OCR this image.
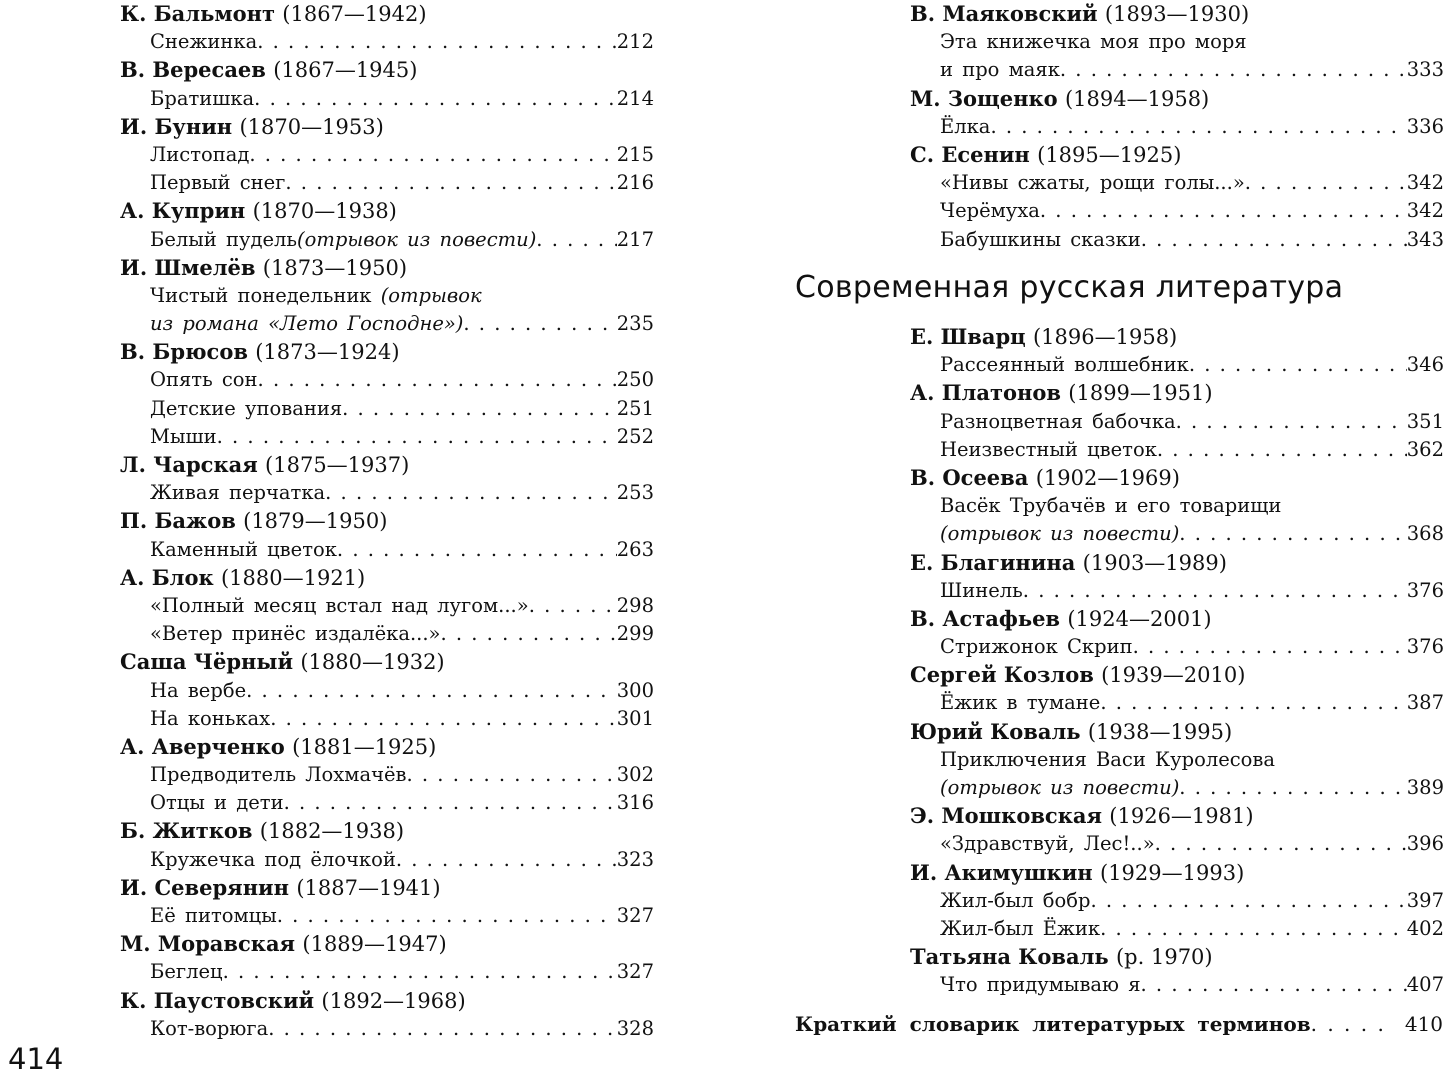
К. Бальмонт (1867—1942)
Снежинка . . .	212
В. Вересаев (1867—1945)
Братишка . . .	214
И. Бунин (1870—1953)
Листопад . . .	215
Первый снег . . .	216
А. Куприн (1870—1938)
Белый пудель (отрывок из повести) . . .	217
И. Шмелёв (1873—1950)
Чистый понедельник (отрывок
из романа «Лето Господне») . . .	235
В. Брюсов (1873—1924)
Опять сон . . .	250
Детские упования . . .	251
Мыши . . .	252
Л. Чарская (1875—1937)
Живая перчатка . . .	253
П. Бажов (1879—1950)
Каменный цветок . . .	263
А. Блок (1880—1921)
«Полный месяц встал над лугом...» . . .	298
«Ветер принёс издалёка...» . . .	299
Саша Чёрный (1880—1932)
На вербе . . .	300
На коньках . . .	301
А. Аверченко (1881—1925)
Предводитель Лохмачёв . . .	302
Отцы и дети . . .	316
Б. Житков (1882—1938)
Кружечка под ёлочкой . . .	323
И. Северянин (1887—1941)
Её питомцы . . .	327
М. Моравская (1889—1947)
Беглец . . .	327
К. Паустовский (1892—1968)
Кот-ворюга . . .	328
В. Маяковский (1893—1930)
Эта книжечка моя про моря
и про маяк . . .	333
М. Зощенко (1894—1958)
Ёлка . . .	336
С. Есенин (1895—1925)
«Нивы сжаты, рощи голы...» . . .	342
Черёмуха . . .	342
Бабушкины сказки . . .	343
Современная русская литература
Е. Шварц (1896—1958)
Рассеянный волшебник . . .	346
А. Платонов (1899—1951)
Разноцветная бабочка . . .	351
Неизвестный цветок . . .	362
В. Осеева (1902—1969)
Васёк Трубачёв и его товарищи
(отрывок из повести) . . .	368
Е. Благинина (1903—1989)
Шинель . . .	376
В. Астафьев (1924—2001)
Стрижонок Скрип . . .	376
Сергей Козлов (1939—2010)
Ёжик в тумане . . .	387
Юрий Коваль (1938—1995)
Приключения Васи Куролесова
(отрывок из повести) . . .	389
Э. Мошковская (1926—1981)
«Здравствуй, Лес!..» . . .	396
И. Акимушкин (1929—1993)
Жил-был бобр . . .	397
Жил-был Ёжик . . .	402
Татьяна Коваль (р. 1970)
Что придумываю я . . .	407
Краткий словарик литературых терминов . . .	410
414
